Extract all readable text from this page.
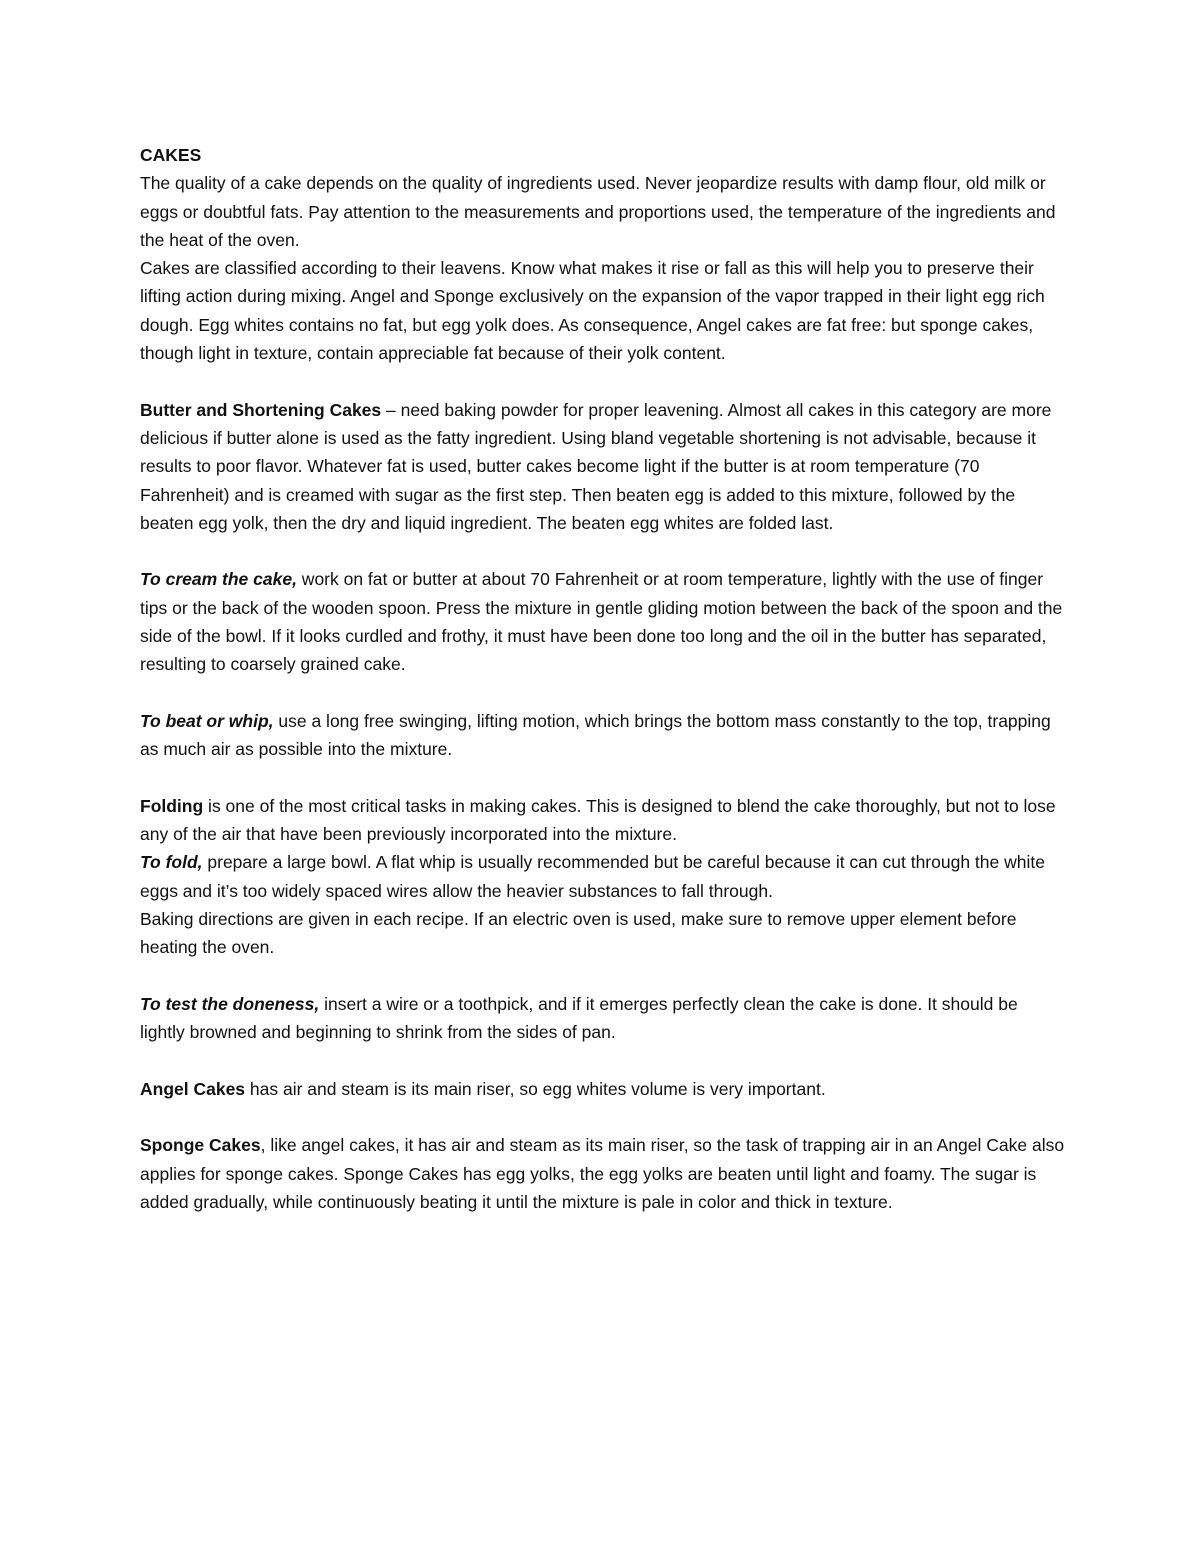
CAKES

The quality of a cake depends on the quality of ingredients used. Never jeopardize results with damp flour, old milk or eggs or doubtful fats. Pay attention to the measurements and proportions used, the temperature of the ingredients and the heat of the oven.

Cakes are classified according to their leavens. Know what makes it rise or fall as this will help you to preserve their lifting action during mixing. Angel and Sponge exclusively on the expansion of the vapor trapped in their light egg rich dough. Egg whites contains no fat, but egg yolk does. As consequence, Angel cakes are fat free: but sponge cakes, though light in texture, contain appreciable fat because of their yolk content.

Butter and Shortening Cakes – need baking powder for proper leavening. Almost all cakes in this category are more delicious if butter alone is used as the fatty ingredient. Using bland vegetable shortening is not advisable, because it results to poor flavor. Whatever fat is used, butter cakes become light if the butter is at room temperature (70 Fahrenheit) and is creamed with sugar as the first step. Then beaten egg is added to this mixture, followed by the beaten egg yolk, then the dry and liquid ingredient. The beaten egg whites are folded last.

To cream the cake, work on fat or butter at about 70 Fahrenheit or at room temperature, lightly with the use of finger tips or the back of the wooden spoon. Press the mixture in gentle gliding motion between the back of the spoon and the side of the bowl. If it looks curdled and frothy, it must have been done too long and the oil in the butter has separated, resulting to coarsely grained cake.

To beat or whip, use a long free swinging, lifting motion, which brings the bottom mass constantly to the top, trapping as much air as possible into the mixture.

Folding is one of the most critical tasks in making cakes. This is designed to blend the cake thoroughly, but not to lose any of the air that have been previously incorporated into the mixture.

To fold, prepare a large bowl. A flat whip is usually recommended but be careful because it can cut through the white eggs and it’s too widely spaced wires allow the heavier substances to fall through.

Baking directions are given in each recipe. If an electric oven is used, make sure to remove upper element before heating the oven.

To test the doneness, insert a wire or a toothpick, and if it emerges perfectly clean the cake is done. It should be lightly browned and beginning to shrink from the sides of pan.

Angel Cakes has air and steam is its main riser, so egg whites volume is very important.

Sponge Cakes, like angel cakes, it has air and steam as its main riser, so the task of trapping air in an Angel Cake also applies for sponge cakes. Sponge Cakes has egg yolks, the egg yolks are beaten until light and foamy. The sugar is added gradually, while continuously beating it until the mixture is pale in color and thick in texture.
